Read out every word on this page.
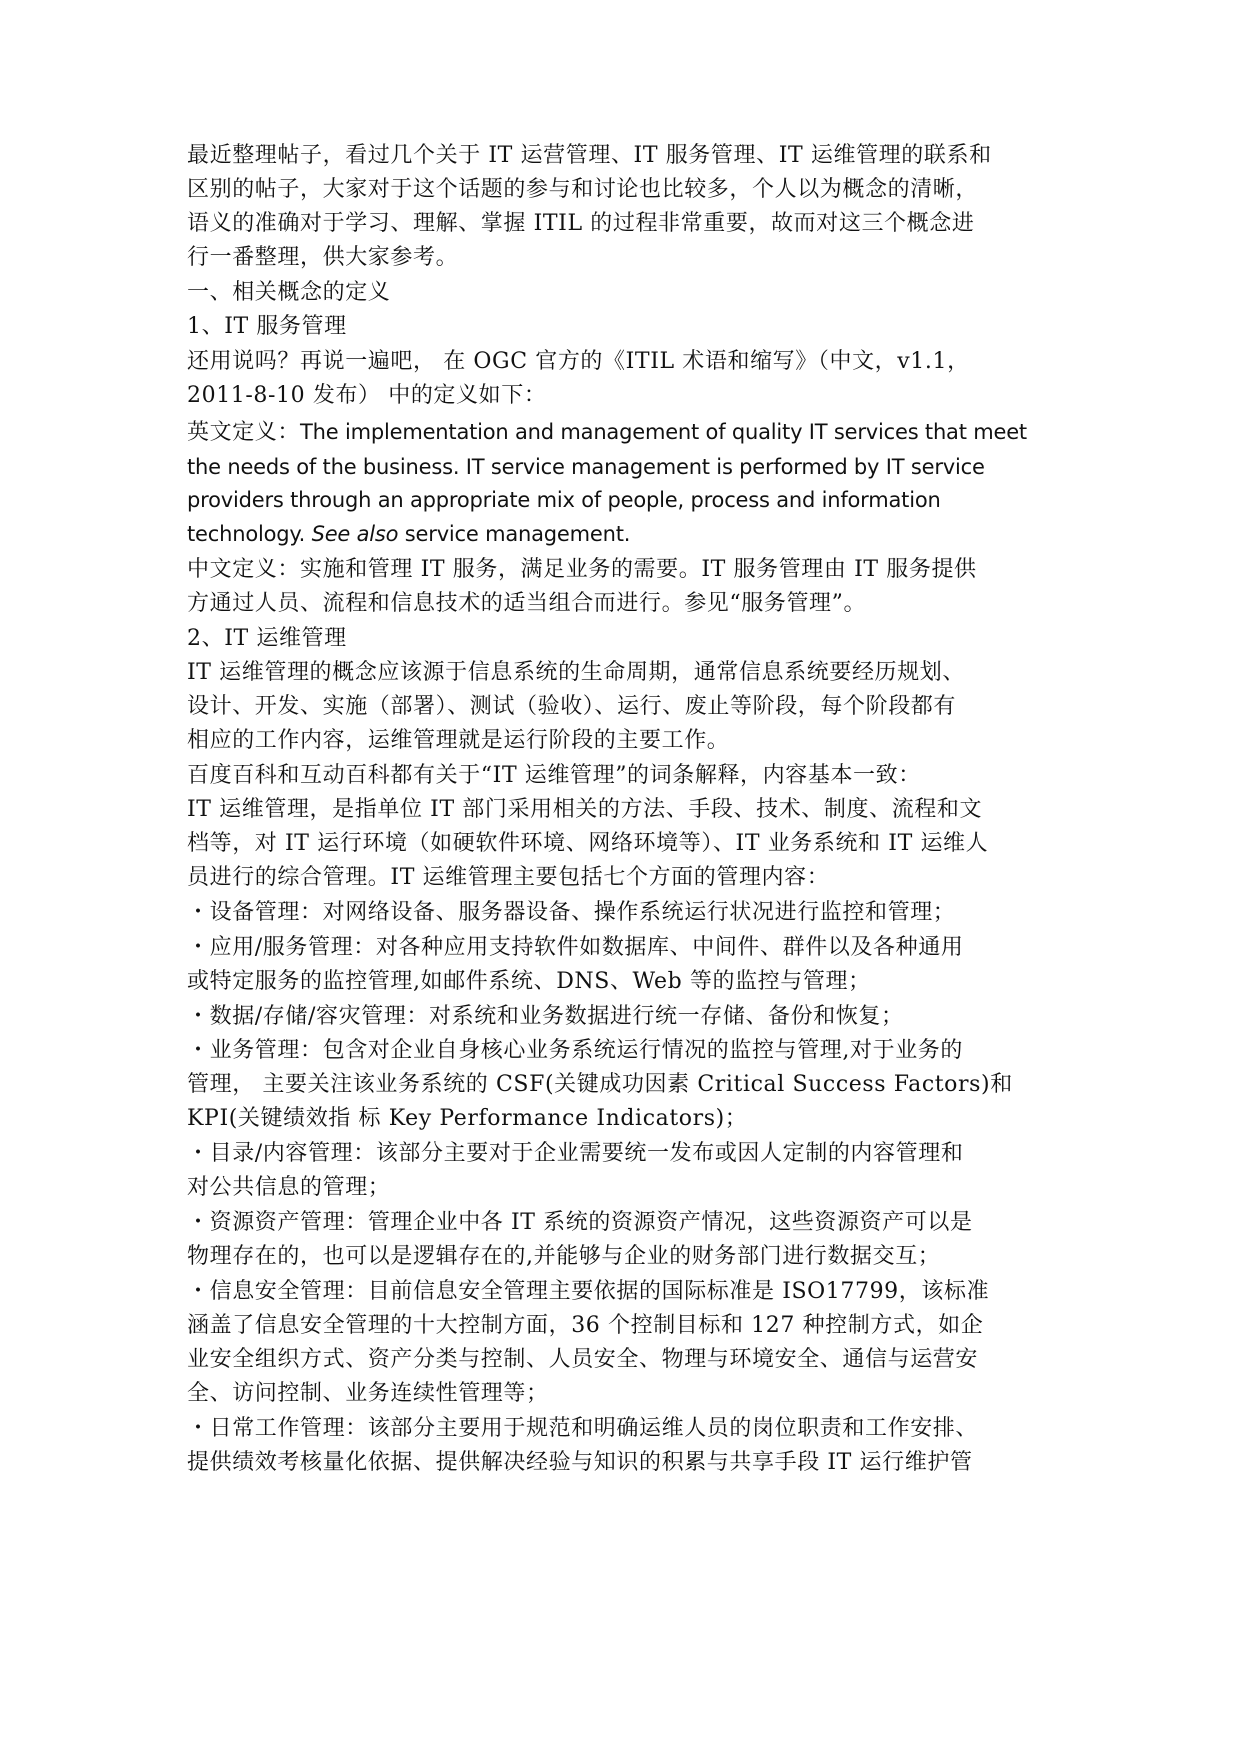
最近整理帖子，看过几个关于 IT 运营管理、IT 服务管理、IT 运维管理的联系和
区别的帖子，大家对于这个话题的参与和讨论也比较多，个人以为概念的清晰，
语义的准确对于学习、理解、掌握 ITIL 的过程非常重要，故而对这三个概念进
行一番整理，供大家参考。
一、相关概念的定义
1、IT 服务管理
还用说吗？再说一遍吧， 在 OGC 官方的《ITIL 术语和缩写》（中文，v1.1，
2011-8-10 发布） 中的定义如下：
英文定义：The implementation and management of quality IT services that meet
the needs of the business. IT service management is performed by IT service
providers through an appropriate mix of people, process and information
technology. See also service management.
中文定义：实施和管理 IT 服务，满足业务的需要。IT 服务管理由 IT 服务提供
方通过人员、流程和信息技术的适当组合而进行。参见“服务管理”。
2、IT 运维管理
IT 运维管理的概念应该源于信息系统的生命周期，通常信息系统要经历规划、
设计、开发、实施（部署）、测试（验收）、运行、废止等阶段，每个阶段都有
相应的工作内容，运维管理就是运行阶段的主要工作。
百度百科和互动百科都有关于“IT 运维管理”的词条解释，内容基本一致：
IT 运维管理，是指单位 IT 部门采用相关的方法、手段、技术、制度、流程和文
档等，对 IT 运行环境（如硬软件环境、网络环境等）、IT 业务系统和 IT 运维人
员进行的综合管理。IT 运维管理主要包括七个方面的管理内容：
・设备管理：对网络设备、服务器设备、操作系统运行状况进行监控和管理；
・应用/服务管理：对各种应用支持软件如数据库、中间件、群件以及各种通用
或特定服务的监控管理,如邮件系统、DNS、Web 等的监控与管理；
・数据/存储/容灾管理：对系统和业务数据进行统一存储、备份和恢复；
・业务管理：包含对企业自身核心业务系统运行情况的监控与管理,对于业务的
管理， 主要关注该业务系统的 CSF(关键成功因素 Critical Success Factors)和
KPI(关键绩效指 标 Key Performance Indicators)；
・目录/内容管理：该部分主要对于企业需要统一发布或因人定制的内容管理和
对公共信息的管理；
・资源资产管理：管理企业中各 IT 系统的资源资产情况，这些资源资产可以是
物理存在的，也可以是逻辑存在的,并能够与企业的财务部门进行数据交互；
・信息安全管理：目前信息安全管理主要依据的国际标准是 ISO17799，该标准
涵盖了信息安全管理的十大控制方面，36 个控制目标和 127 种控制方式，如企
业安全组织方式、资产分类与控制、人员安全、物理与环境安全、通信与运营安
全、访问控制、业务连续性管理等；
・日常工作管理：该部分主要用于规范和明确运维人员的岗位职责和工作安排、
提供绩效考核量化依据、提供解决经验与知识的积累与共享手段 IT 运行维护管
